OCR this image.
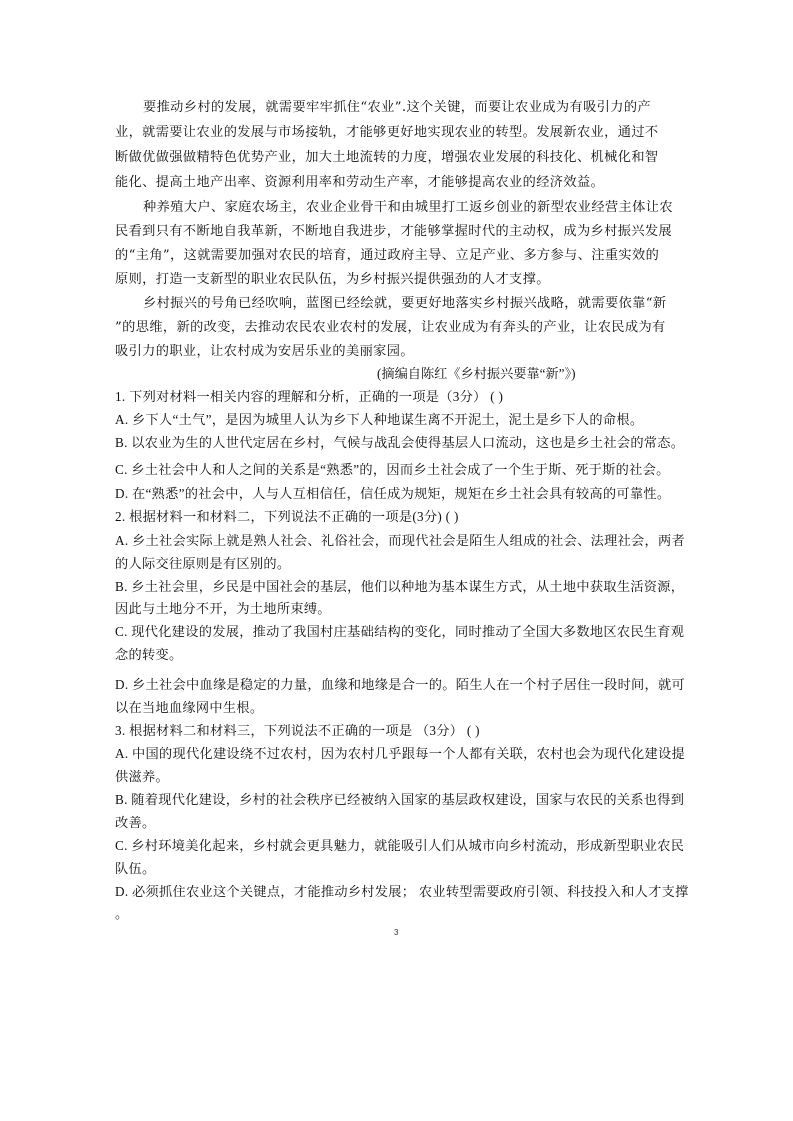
要推动乡村的发展，就需要牢牢抓住“农业”.这个关键，而要让农业成为有吸引力的产
业，就需要让农业的发展与市场接轨，才能够更好地实现农业的转型。发展新农业，通过不
断做优做强做精特色优势产业，加大土地流转的力度，增强农业发展的科技化、机械化和智
能化、提高土地产出率、资源利用率和劳动生产率，才能够提高农业的经济效益。
种养殖大户、家庭农场主，农业企业骨干和由城里打工返乡创业的新型农业经营主体让农
民看到只有不断地自我革新，不断地自我进步，才能够掌握时代的主动权，成为乡村振兴发展
的“主角”，这就需要加强对农民的培育，通过政府主导、立足产业、多方参与、注重实效的
原则，打造一支新型的职业农民队伍，为乡村振兴提供强劲的人才支撑。
乡村振兴的号角已经吹响，蓝图已经绘就，要更好地落实乡村振兴战略，就需要依靠“新
”的思维，新的改变，去推动农民农业农村的发展，让农业成为有奔头的产业，让农民成为有
吸引力的职业，让农村成为安居乐业的美丽家园。
(摘编自陈红《乡村振兴要靠“新”》)
1. 下列对材料一相关内容的理解和分析，正确的一项是（3分） ( )
A. 乡下人“土气”，是因为城里人认为乡下人种地谋生离不开泥土，泥土是乡下人的命根。
B. 以农业为生的人世代定居在乡村，气候与战乱会使得基层人口流动，这也是乡土社会的常态。
C. 乡土社会中人和人之间的关系是“熟悉”的，因而乡土社会成了一个生于斯、死于斯的社会。
D. 在“熟悉”的社会中，人与人互相信任，信任成为规矩，规矩在乡土社会具有较高的可靠性。
2. 根据材料一和材料二，下列说法不正确的一项是(3分) ( )
A. 乡土社会实际上就是熟人社会、礼俗社会，而现代社会是陌生人组成的社会、法理社会，两者
的人际交往原则是有区别的。
B. 乡土社会里，乡民是中国社会的基层，他们以种地为基本谋生方式，从土地中获取生活资源，
因此与土地分不开，为土地所束缚。
C. 现代化建设的发展，推动了我国村庄基础结构的变化，同时推动了全国大多数地区农民生育观
念的转变。
D. 乡土社会中血缘是稳定的力量，血缘和地缘是合一的。陌生人在一个村子居住一段时间，就可
以在当地血缘网中生根。
3. 根据材料二和材料三，下列说法不正确的一项是 （3分） ( )
A. 中国的现代化建设绕不过农村，因为农村几乎跟每一个人都有关联，农村也会为现代化建设提
供滋养。
B. 随着现代化建设，乡村的社会秩序已经被纳入国家的基层政权建设，国家与农民的关系也得到
改善。
C. 乡村环境美化起来，乡村就会更具魅力，就能吸引人们从城市向乡村流动，形成新型职业农民
队伍。
D. 必须抓住农业这个关键点，才能推动乡村发展； 农业转型需要政府引领、科技投入和人才支撑
。
3
